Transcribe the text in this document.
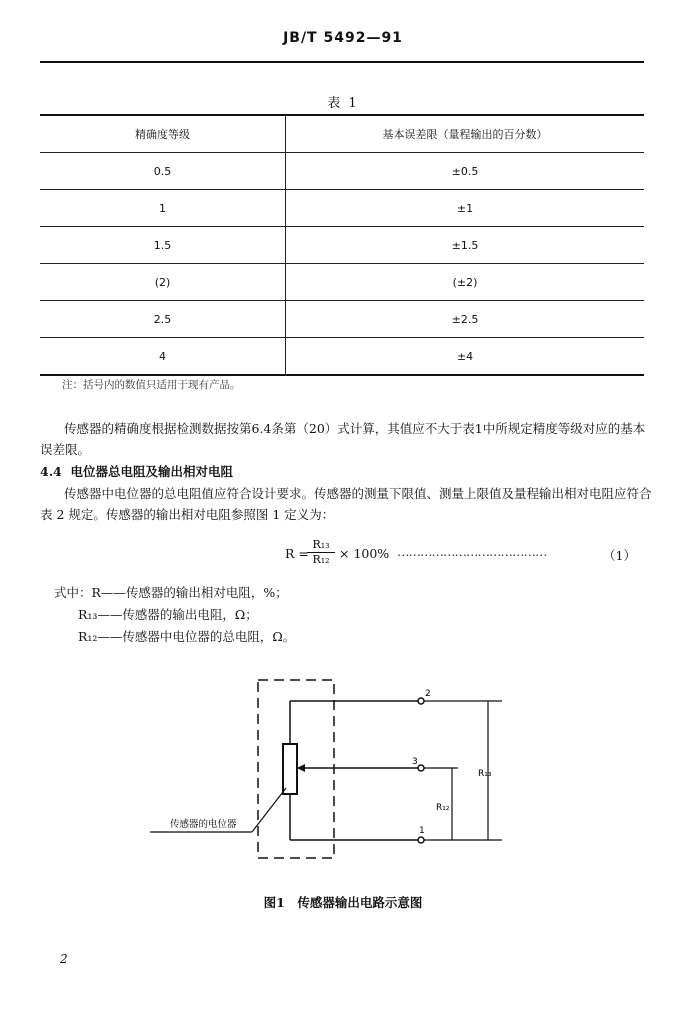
JB/T 5492—91
表 1
精确度等级	基本误差限（量程输出的百分数）
0.5	±0.5
1	±1
1.5	±1.5
(2)	(±2)
2.5	±2.5
4	±4
注：括号内的数值只适用于现有产品。
传感器的精确度根据检测数据按第6.4条第（20）式计算，其值应不大于表1中所规定精度等级对应的基本误差限。
4.4 电位器总电阻及输出相对电阻
传感器中电位器的总电阻值应符合设计要求。传感器的测量下限值、测量上限值及量程输出相对电阻应符合表 2 规定。传感器的输出相对电阻参照图 1 定义为：
R =
$\frac{\text{R₁₃}}{\text{R₁₂}} \times 100\%$ …………………………………	（1）
式中：R——传感器的输出相对电阻，%；
R₁₃——传感器的输出电阻，Ω；
R₁₂——传感器中电位器的总电阻，Ω。
2
3
1
R₁₃
R₁₂
传感器的电位器
图1　传感器输出电路示意图
2
